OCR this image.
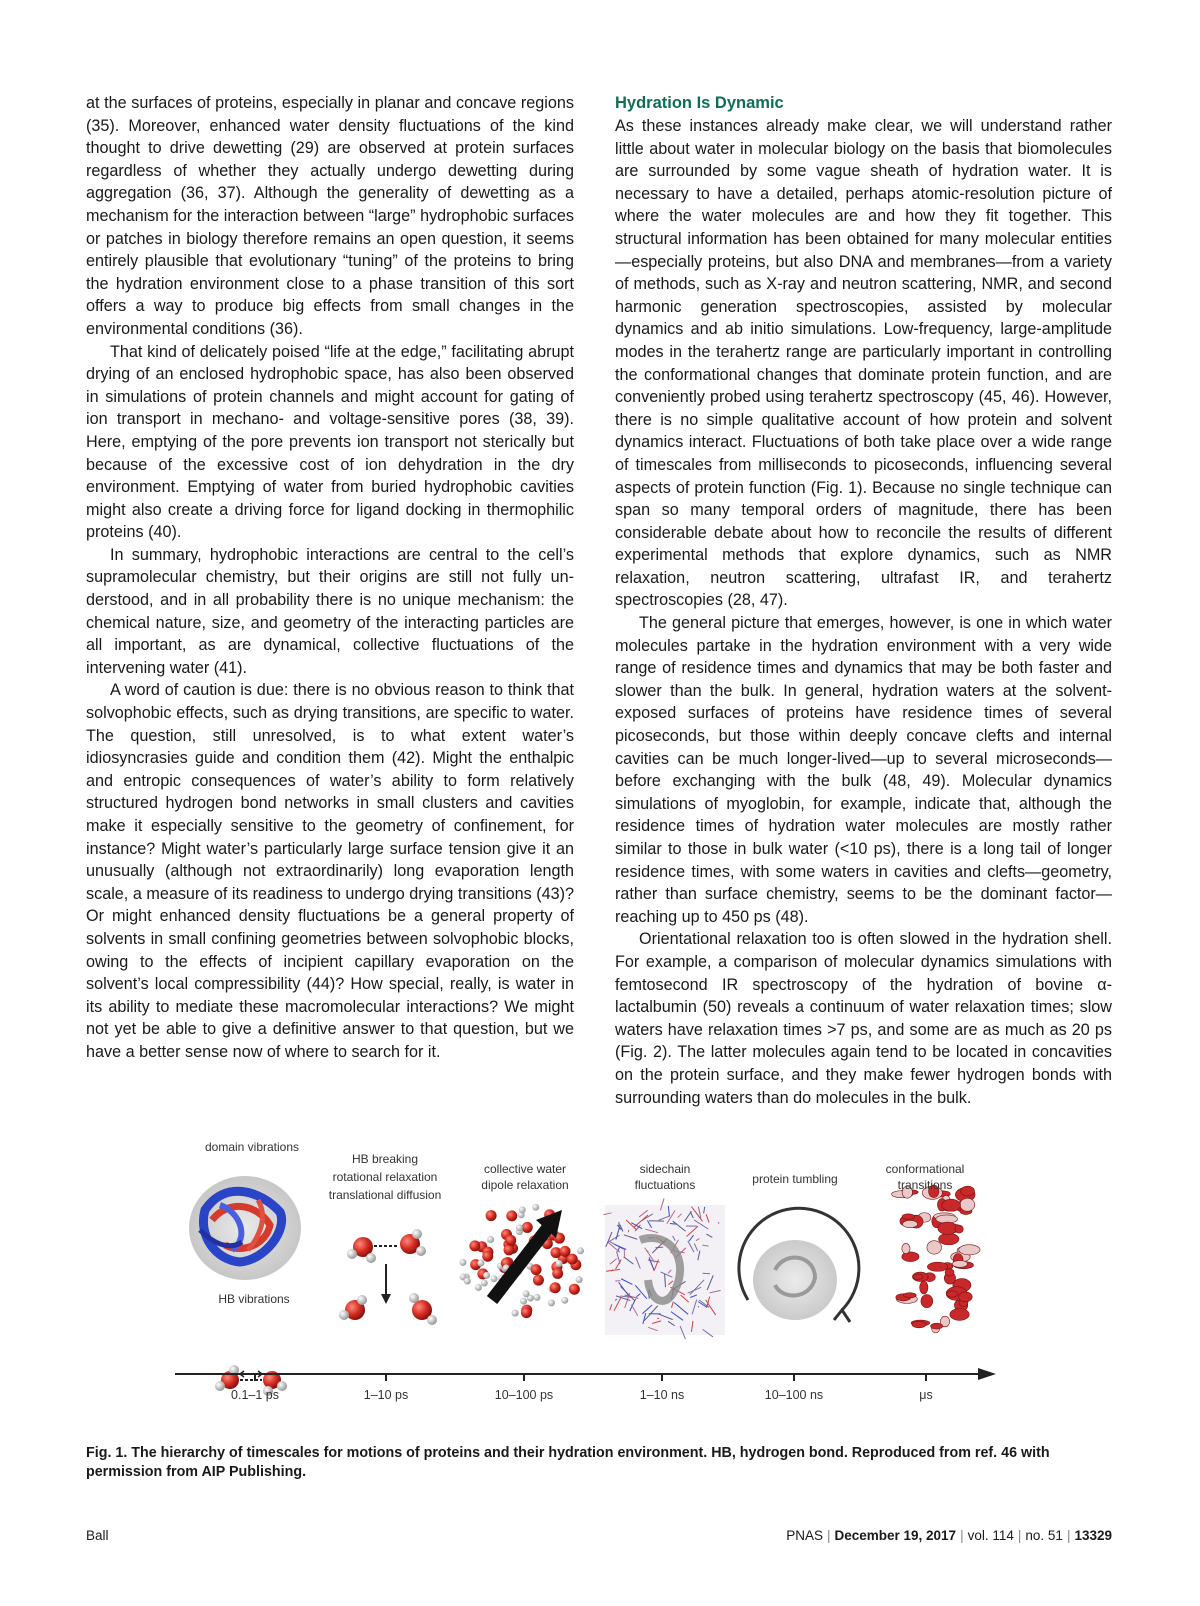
at the surfaces of proteins, especially in planar and concave regions (35). Moreover, enhanced water density fluctuations of the kind thought to drive dewetting (29) are observed at protein surfaces regardless of whether they actually undergo dewetting during aggregation (36, 37). Although the generality of dewetting as a mechanism for the interaction between “large” hydrophobic surfaces or patches in biology therefore remains an open question, it seems entirely plausible that evolutionary “tuning” of the proteins to bring the hydration environment close to a phase transition of this sort offers a way to produce big effects from small changes in the environmental conditions (36).

That kind of delicately poised “life at the edge,” facilitating abrupt drying of an enclosed hydrophobic space, has also been observed in simulations of protein channels and might account for gating of ion transport in mechano- and voltage-sensitive pores (38, 39). Here, emptying of the pore prevents ion transport not sterically but because of the excessive cost of ion dehydration in the dry environment. Emptying of water from buried hydrophobic cavities might also create a driving force for ligand docking in thermophilic proteins (40).

In summary, hydrophobic interactions are central to the cell’s supramolecular chemistry, but their origins are still not fully understood, and in all probability there is no unique mechanism: the chemical nature, size, and geometry of the interacting particles are all important, as are dynamical, collective fluctuations of the intervening water (41).

A word of caution is due: there is no obvious reason to think that solvophobic effects, such as drying transitions, are specific to water. The question, still unresolved, is to what extent water’s idiosyncrasies guide and condition them (42). Might the enthalpic and entropic consequences of water’s ability to form relatively structured hydrogen bond networks in small clusters and cavities make it especially sensitive to the geometry of confinement, for instance? Might water’s particularly large surface tension give it an unusually (although not extraordinarily) long evaporation length scale, a measure of its readiness to undergo drying transitions (43)? Or might enhanced density fluctuations be a general property of solvents in small confining geometries between solvophobic blocks, owing to the effects of incipient capillary evaporation on the solvent’s local compressibility (44)? How special, really, is water in its ability to mediate these macromolecular interactions? We might not yet be able to give a definitive answer to that question, but we have a better sense now of where to search for it.

Hydration Is Dynamic

As these instances already make clear, we will understand rather little about water in molecular biology on the basis that biomolecules are surrounded by some vague sheath of hydration water. It is necessary to have a detailed, perhaps atomic-resolution picture of where the water molecules are and how they fit together. This structural information has been obtained for many molecular entities—especially proteins, but also DNA and membranes—from a variety of methods, such as X-ray and neutron scattering, NMR, and second harmonic generation spectroscopies, assisted by molecular dynamics and ab initio simulations. Low-frequency, large-amplitude modes in the terahertz range are particularly important in controlling the conformational changes that dominate protein function, and are conveniently probed using terahertz spectroscopy (45, 46). However, there is no simple qualitative account of how protein and solvent dynamics interact. Fluctuations of both take place over a wide range of timescales from milliseconds to picoseconds, influencing several aspects of protein function (Fig. 1). Because no single technique can span so many temporal orders of magnitude, there has been considerable debate about how to reconcile the results of different experimental methods that explore dynamics, such as NMR relaxation, neutron scattering, ultrafast IR, and terahertz spectroscopies (28, 47).

The general picture that emerges, however, is one in which water molecules partake in the hydration environment with a very wide range of residence times and dynamics that may be both faster and slower than the bulk. In general, hydration waters at the solvent-exposed surfaces of proteins have residence times of several picoseconds, but those within deeply concave clefts and internal cavities can be much longer-lived—up to several microseconds—before exchanging with the bulk (48, 49). Molecular dynamics simulations of myoglobin, for example, indicate that, although the residence times of hydration water molecules are mostly rather similar to those in bulk water (<10 ps), there is a long tail of longer residence times, with some waters in cavities and clefts—geometry, rather than surface chemistry, seems to be the dominant factor—reaching up to 450 ps (48).

Orientational relaxation too is often slowed in the hydration shell. For example, a comparison of molecular dynamics simulations with femtosecond IR spectroscopy of the hydration of bovine α-lactalbumin (50) reveals a continuum of water relaxation times; slow waters have relaxation times >7 ps, and some are as much as 20 ps (Fig. 2). The latter molecules again tend to be located in concavities on the protein surface, and they make fewer hydrogen bonds with surrounding waters than do molecules in the bulk.

domain vibrations
HB vibrations
HB breaking
rotational relaxation
translational diffusion
collective water
dipole relaxation
sidechain
fluctuations	protein tumbling
conformational
transitions
0.1–1 ps	1–10 ps	10–100 ps	1–10 ns	10–100 ns	μs
Fig. 1. The hierarchy of timescales for motions of proteins and their hydration environment. HB, hydrogen bond. Reproduced from ref. 46 with permission from AIP Publishing.
Ball	PNAS | December 19, 2017 | vol. 114 | no. 51 | 13329
